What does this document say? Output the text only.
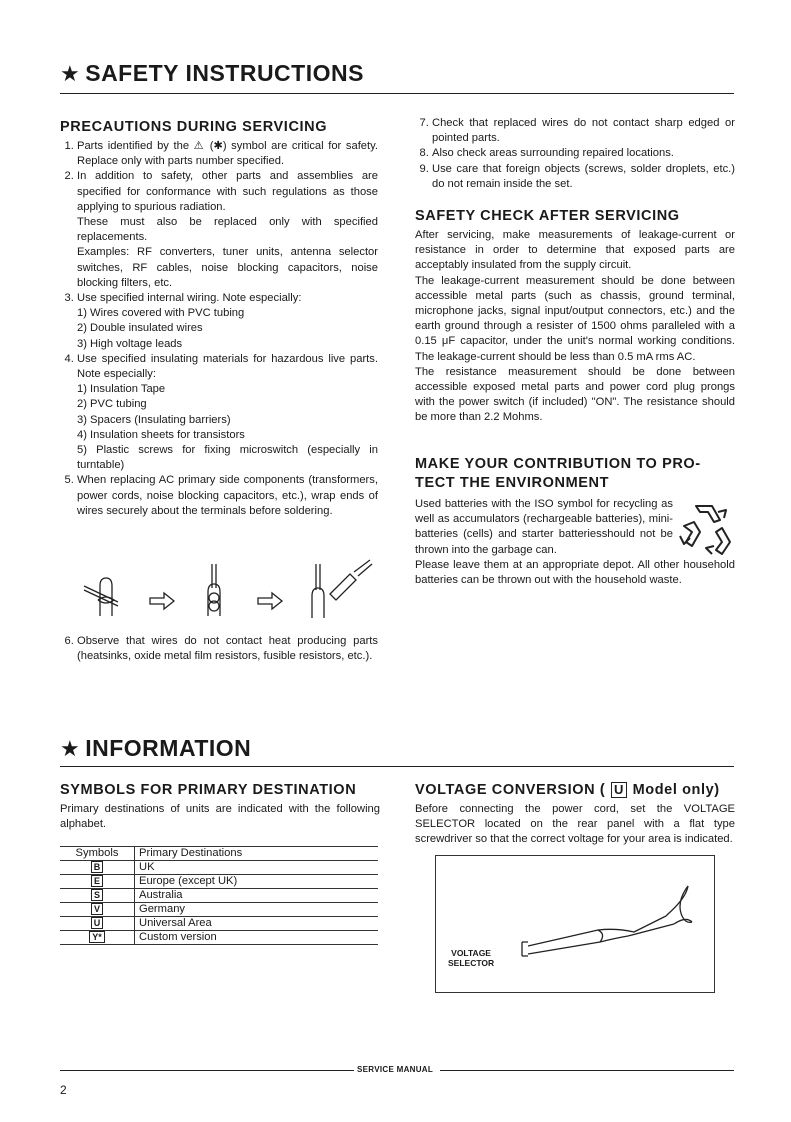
★ SAFETY INSTRUCTIONS
PRECAUTIONS DURING SERVICING
1. Parts identified by the ⚠ (✱) symbol are critical for safety. Replace only with parts number specified.
2. In addition to safety, other parts and assemblies are specified for conformance with such regulations as those applying to spurious radiation.
These must also be replaced only with specified replacements.
Examples: RF converters, tuner units, antenna selector switches, RF cables, noise blocking capacitors, noise blocking filters, etc.
3. Use specified internal wiring. Note especially:
1) Wires covered with PVC tubing
2) Double insulated wires
3) High voltage leads
4. Use specified insulating materials for hazardous live parts. Note especially:
1) Insulation Tape
2) PVC tubing
3) Spacers (Insulating barriers)
4) Insulation sheets for transistors
5) Plastic screws for fixing microswitch (especially in turntable)
5. When replacing AC primary side components (transformers, power cords, noise blocking capacitors, etc.), wrap ends of wires securely about the terminals before soldering.
6. Observe that wires do not contact heat producing parts (heatsinks, oxide metal film resistors, fusible resistors, etc.).
7. Check that replaced wires do not contact sharp edged or pointed parts.
8. Also check areas surrounding repaired locations.
9. Use care that foreign objects (screws, solder droplets, etc.) do not remain inside the set.
SAFETY CHECK AFTER SERVICING

After servicing, make measurements of leakage-current or resistance in order to determine that exposed parts are acceptably insulated from the supply circuit.

The leakage-current measurement should be done between accessible metal parts (such as chassis, ground terminal, microphone jacks, signal input/output connectors, etc.) and the earth ground through a resister of 1500 ohms paralleled with a 0.15 μF capacitor, under the unit's normal working conditions. The leakage-current should be less than 0.5 mA rms AC.

The resistance measurement should be done between accessible exposed metal parts and power cord plug prongs with the power switch (if included) "ON". The resistance should be more than 2.2 Mohms.

MAKE YOUR CONTRIBUTION TO PRO-
TECT THE ENVIRONMENT

Used batteries with the ISO symbol for recycling as well as accumulators (rechargeable batteries), mini-batteries (cells) and starter batteriesshould not be thrown into the garbage can.

Please leave them at an appropriate depot. All other household batteries can be thrown out with the household waste.

★ INFORMATION
SYMBOLS FOR PRIMARY DESTINATION
Primary destinations of units are indicated with the following alphabet.
Symbols	Primary Destinations
B	UK
E	Europe (except UK)
S	Australia
V	Germany
U	Universal Area
Y*	Custom version
VOLTAGE CONVERSION ( U Model only)
Before connecting the power cord, set the VOLTAGE SELECTOR located on the rear panel with a flat type screwdriver so that the correct voltage for your area is indicated.
VOLTAGE
SELECTOR
SERVICE MANUAL
2
